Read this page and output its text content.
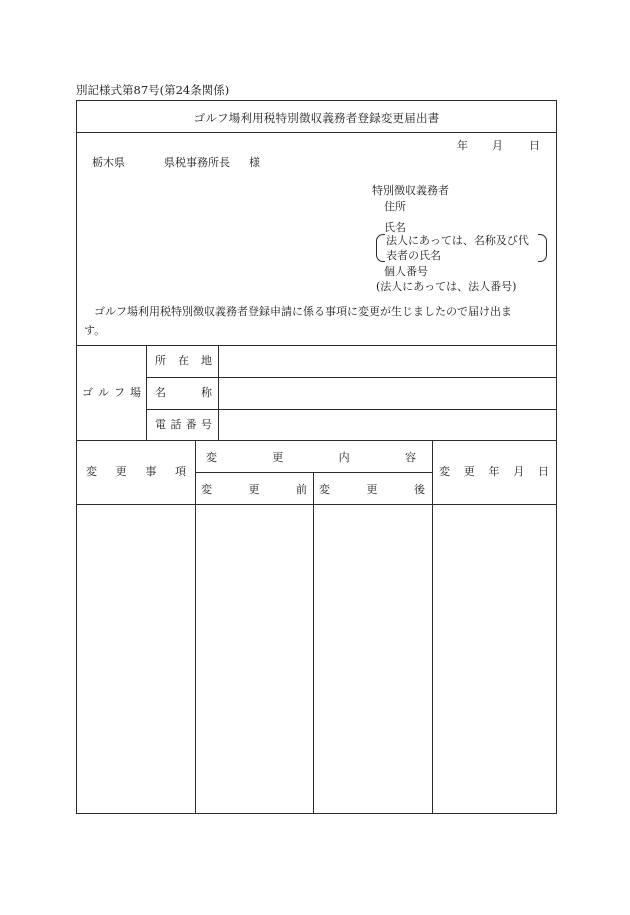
別記様式第87号(第24条関係)
ゴルフ場利用税特別徴収義務者登録変更届出書
年 月 日
栃木県	県税事務所長 様
特別徴収義務者
住所
氏名
法人にあっては、名称及び代
表者の氏名
個人番号
(法人にあっては、法人番号)
ゴルフ場利用税特別徴収義務者登録申請に係る事項に変更が生じましたので届け出ま
す。
ゴ ル フ 場
所 在 地
名	称
電 話 番 号
変 更 事 項
変	更	内	容
変	更	前 変	更	後
変 更 年 月 日
